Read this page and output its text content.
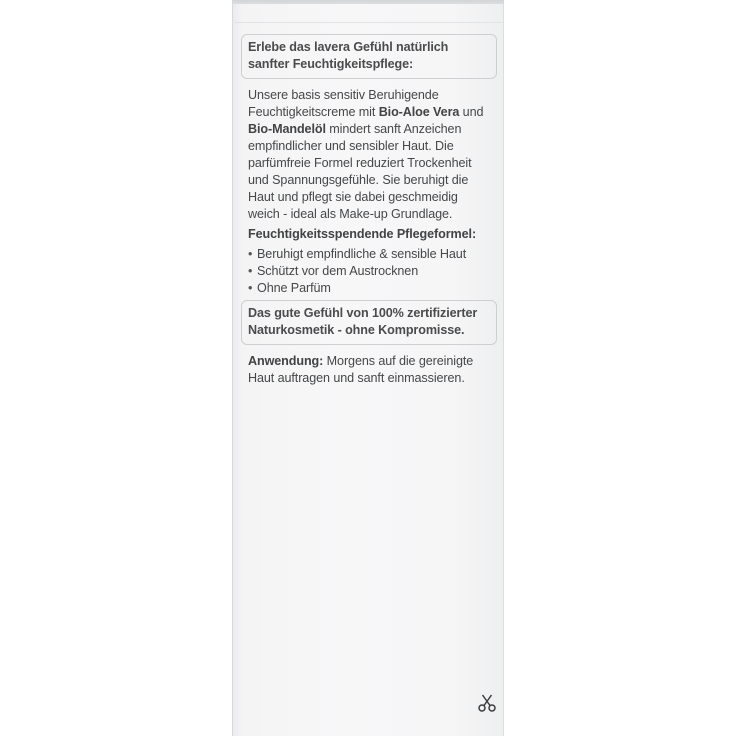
Erlebe das lavera Gefühl natürlich sanfter Feuchtigkeitspflege:

Unsere basis sensitiv Beruhigende Feuchtigkeitscreme mit Bio-Aloe Vera und Bio-Mandelöl mindert sanft Anzeichen empfindlicher und sensibler Haut. Die parfümfreie Formel reduziert Trockenheit und Spannungsgefühle. Sie beruhigt die Haut und pflegt sie dabei geschmeidig weich - ideal als Make-up Grundlage.

Feuchtigkeitsspendende Pflegeformel:

• Beruhigt empfindliche & sensible Haut
• Schützt vor dem Austrocknen
• Ohne Parfüm
Das gute Gefühl von 100% zertifizierter Naturkosmetik - ohne Kompromisse.

Anwendung: Morgens auf die gereinigte Haut auftragen und sanft einmassieren.
